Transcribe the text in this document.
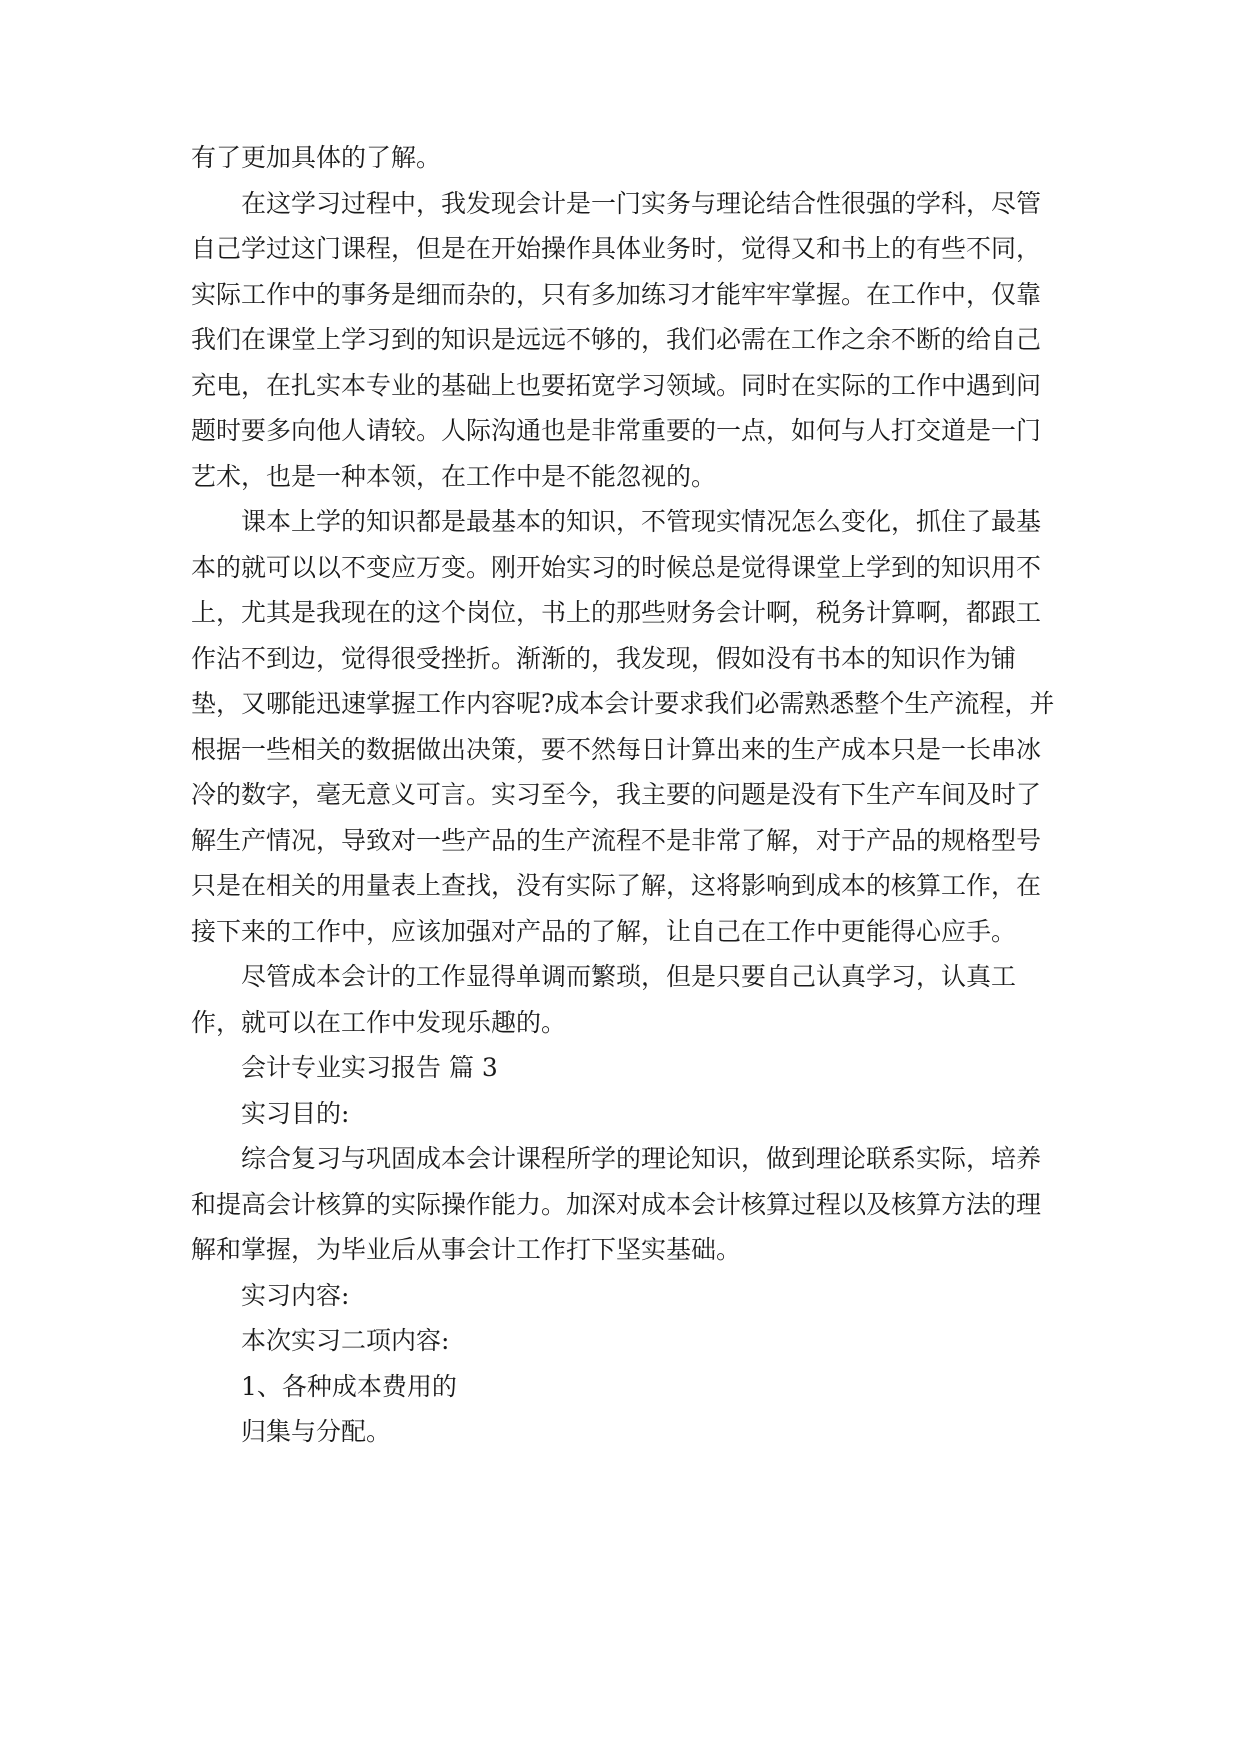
有了更加具体的了解。

在这学习过程中，我发现会计是一门实务与理论结合性很强的学科，尽管

自己学过这门课程，但是在开始操作具体业务时，觉得又和书上的有些不同，

实际工作中的事务是细而杂的，只有多加练习才能牢牢掌握。在工作中，仅靠

我们在课堂上学习到的知识是远远不够的，我们必需在工作之余不断的给自己

充电，在扎实本专业的基础上也要拓宽学习领域。同时在实际的工作中遇到问

题时要多向他人请较。人际沟通也是非常重要的一点，如何与人打交道是一门

艺术，也是一种本领，在工作中是不能忽视的。

课本上学的知识都是最基本的知识，不管现实情况怎么变化，抓住了最基

本的就可以以不变应万变。刚开始实习的时候总是觉得课堂上学到的知识用不

上，尤其是我现在的这个岗位，书上的那些财务会计啊，税务计算啊，都跟工

作沾不到边，觉得很受挫折。渐渐的，我发现，假如没有书本的知识作为铺

垫，又哪能迅速掌握工作内容呢?成本会计要求我们必需熟悉整个生产流程，并

根据一些相关的数据做出决策，要不然每日计算出来的生产成本只是一长串冰

冷的数字，毫无意义可言。实习至今，我主要的问题是没有下生产车间及时了

解生产情况，导致对一些产品的生产流程不是非常了解，对于产品的规格型号

只是在相关的用量表上查找，没有实际了解，这将影响到成本的核算工作，在

接下来的工作中，应该加强对产品的了解，让自己在工作中更能得心应手。

尽管成本会计的工作显得单调而繁琐，但是只要自己认真学习，认真工

作，就可以在工作中发现乐趣的。

会计专业实习报告 篇 3

实习目的:

综合复习与巩固成本会计课程所学的理论知识，做到理论联系实际，培养

和提高会计核算的实际操作能力。加深对成本会计核算过程以及核算方法的理

解和掌握，为毕业后从事会计工作打下坚实基础。

实习内容:

本次实习二项内容:

1、各种成本费用的

归集与分配。
